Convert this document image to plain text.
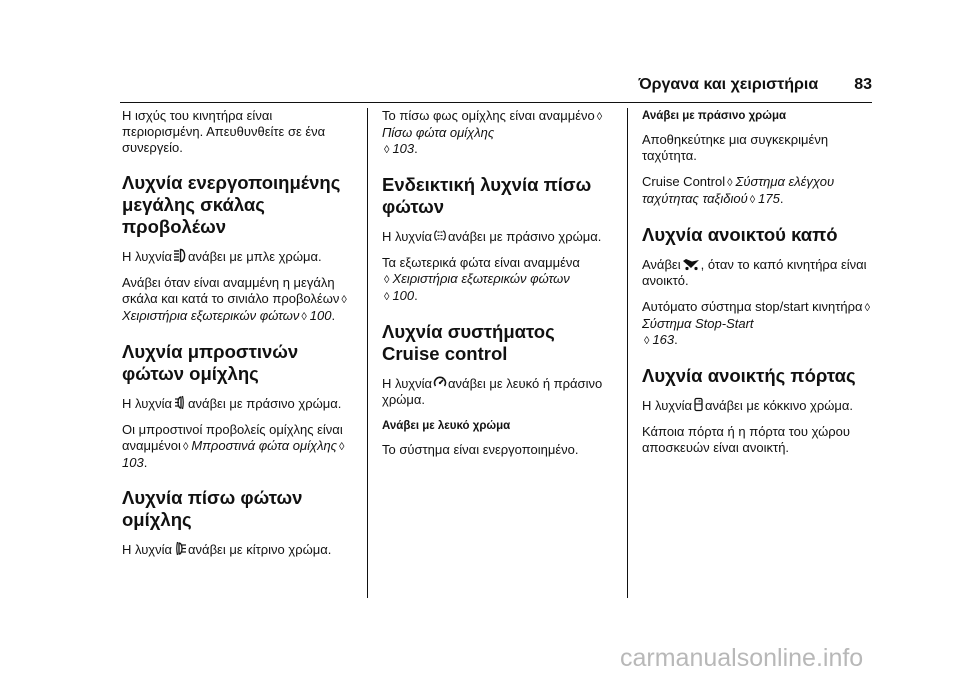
Όργανα και χειριστήρια 83
Η ισχύς του κινητήρα είναι περιορισμένη. Απευθυνθείτε σε ένα συνεργείο.
Λυχνία ενεργοποιημένης μεγάλης σκάλας προβολέων
Η λυχνία ανάβει με μπλε χρώμα.
Ανάβει όταν είναι αναμμένη η μεγάλη σκάλα και κατά το σινιάλο προβολέων ◊Χειριστήρια εξωτερικών φώτων ◊ 100.
Λυχνία μπροστινών φώτων ομίχλης
Η λυχνία ανάβει με πράσινο χρώμα.
Οι μπροστινοί προβολείς ομίχλης είναι αναμμένοι ◊ Μπροστινά φώτα ομίχλης ◊103.
Λυχνία πίσω φώτων ομίχλης
Η λυχνία ανάβει με κίτρινο χρώμα.
Το πίσω φως ομίχλης είναι αναμμένο ◊Πίσω φώτα ομίχλης
◊ 103.
Ενδεικτική λυχνία πίσω φώτων
Η λυχνία ανάβει με πράσινο χρώμα.
Τα εξωτερικά φώτα είναι αναμμένα
◊ Χειριστήρια εξωτερικών φώτων
◊ 100.
Λυχνία συστήματος Cruise control
Η λυχνία ανάβει με λευκό ή πράσινο χρώμα.
Ανάβει με λευκό χρώμα
Το σύστημα είναι ενεργοποιημένο.
Ανάβει με πράσινο χρώμα
Αποθηκεύτηκε μια συγκεκριμένη ταχύτητα.
Cruise Control ◊ Σύστημα ελέγχου ταχύτητας ταξιδιού ◊ 175.
Λυχνία ανοικτού καπό
Ανάβει , όταν το καπό κινητήρα είναι ανοικτό.
Αυτόματο σύστημα stop/start κινητήρα ◊Σύστημα Stop-Start
◊ 163.
Λυχνία ανοικτής πόρτας
Η λυχνία ανάβει με κόκκινο χρώμα.
Κάποια πόρτα ή η πόρτα του χώρου αποσκευών είναι ανοικτή.
carmanualsonline.info
